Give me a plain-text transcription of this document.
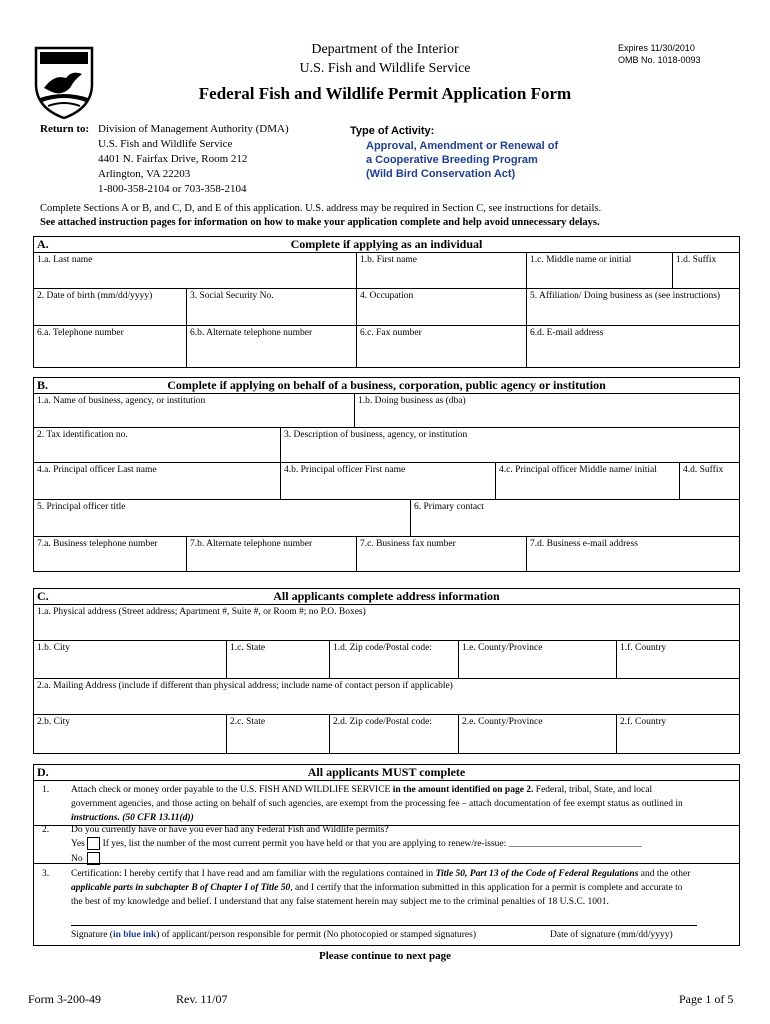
Department of the Interior
U.S. Fish and Wildlife Service
Expires 11/30/2010
OMB No. 1018-0093
Federal Fish and Wildlife Permit Application Form
Return to: Division of Management Authority (DMA)
U.S. Fish and Wildlife Service
4401 N. Fairfax Drive, Room 212
Arlington, VA 22203
1-800-358-2104 or 703-358-2104
Type of Activity:
Approval, Amendment or Renewal of
a Cooperative Breeding Program
(Wild Bird Conservation Act)
Complete Sections A or B, and C, D, and E of this application. U.S. address may be required in Section C, see instructions for details.
See attached instruction pages for information on how to make your application complete and help avoid unnecessary delays.
A.	Complete if applying as an individual
1.a. Last name	1.b. First name	1.c. Middle name or initial	1.d. Suffix
2. Date of birth (mm/dd/yyyy)	3. Social Security No.	4. Occupation	5. Affiliation/ Doing business as (see instructions)
6.a. Telephone number	6.b. Alternate telephone number	6.c. Fax number	6.d. E-mail address
B.	Complete if applying on behalf of a business, corporation, public agency or institution
1.a. Name of business, agency, or institution	1.b. Doing business as (dba)
2. Tax identification no.	3. Description of business, agency, or institution
4.a. Principal officer Last name	4.b. Principal officer First name	4.c. Principal officer Middle name/ initial	4.d. Suffix
5. Principal officer title	6. Primary contact
7.a. Business telephone number	7.b. Alternate telephone number	7.c. Business fax number	7.d. Business e-mail address
C.	All applicants complete address information
1.a. Physical address (Street address; Apartment #, Suite #, or Room #; no P.O. Boxes)
1.b. City	1.c. State	1.d. Zip code/Postal code:	1.e. County/Province	1.f. Country
2.a. Mailing Address (include if different than physical address; include name of contact person if applicable)
2.b. City	2.c. State	2.d. Zip code/Postal code:	2.e. County/Province	2.f. Country
D.	All applicants MUST complete
1. Attach check or money order payable to the U.S. FISH AND WILDLIFE SERVICE in the amount identified on page 2. Federal, tribal, State, and local
government agencies, and those acting on behalf of such agencies, are exempt from the processing fee – attach documentation of fee exempt status as outlined in
instructions. (50 CFR 13.11(d))
2. Do you currently have or have you ever had any Federal Fish and Wildlife permits?
Yes If yes, list the number of the most current permit you have held or that you are applying to renew/re-issue: ____________________________
No
3. Certification: I hereby certify that I have read and am familiar with the regulations contained in Title 50, Part 13 of the Code of Federal Regulations and the other
applicable parts in subchapter B of Chapter I of Title 50, and I certify that the information submitted in this application for a permit is complete and accurate to
the best of my knowledge and belief. I understand that any false statement herein may subject me to the criminal penalties of 18 U.S.C. 1001.
Signature (in blue ink) of applicant/person responsible for permit (No photocopied or stamped signatures)	Date of signature (mm/dd/yyyy)
Please continue to next page
Form 3-200-49	Rev. 11/07	Page 1 of 5
